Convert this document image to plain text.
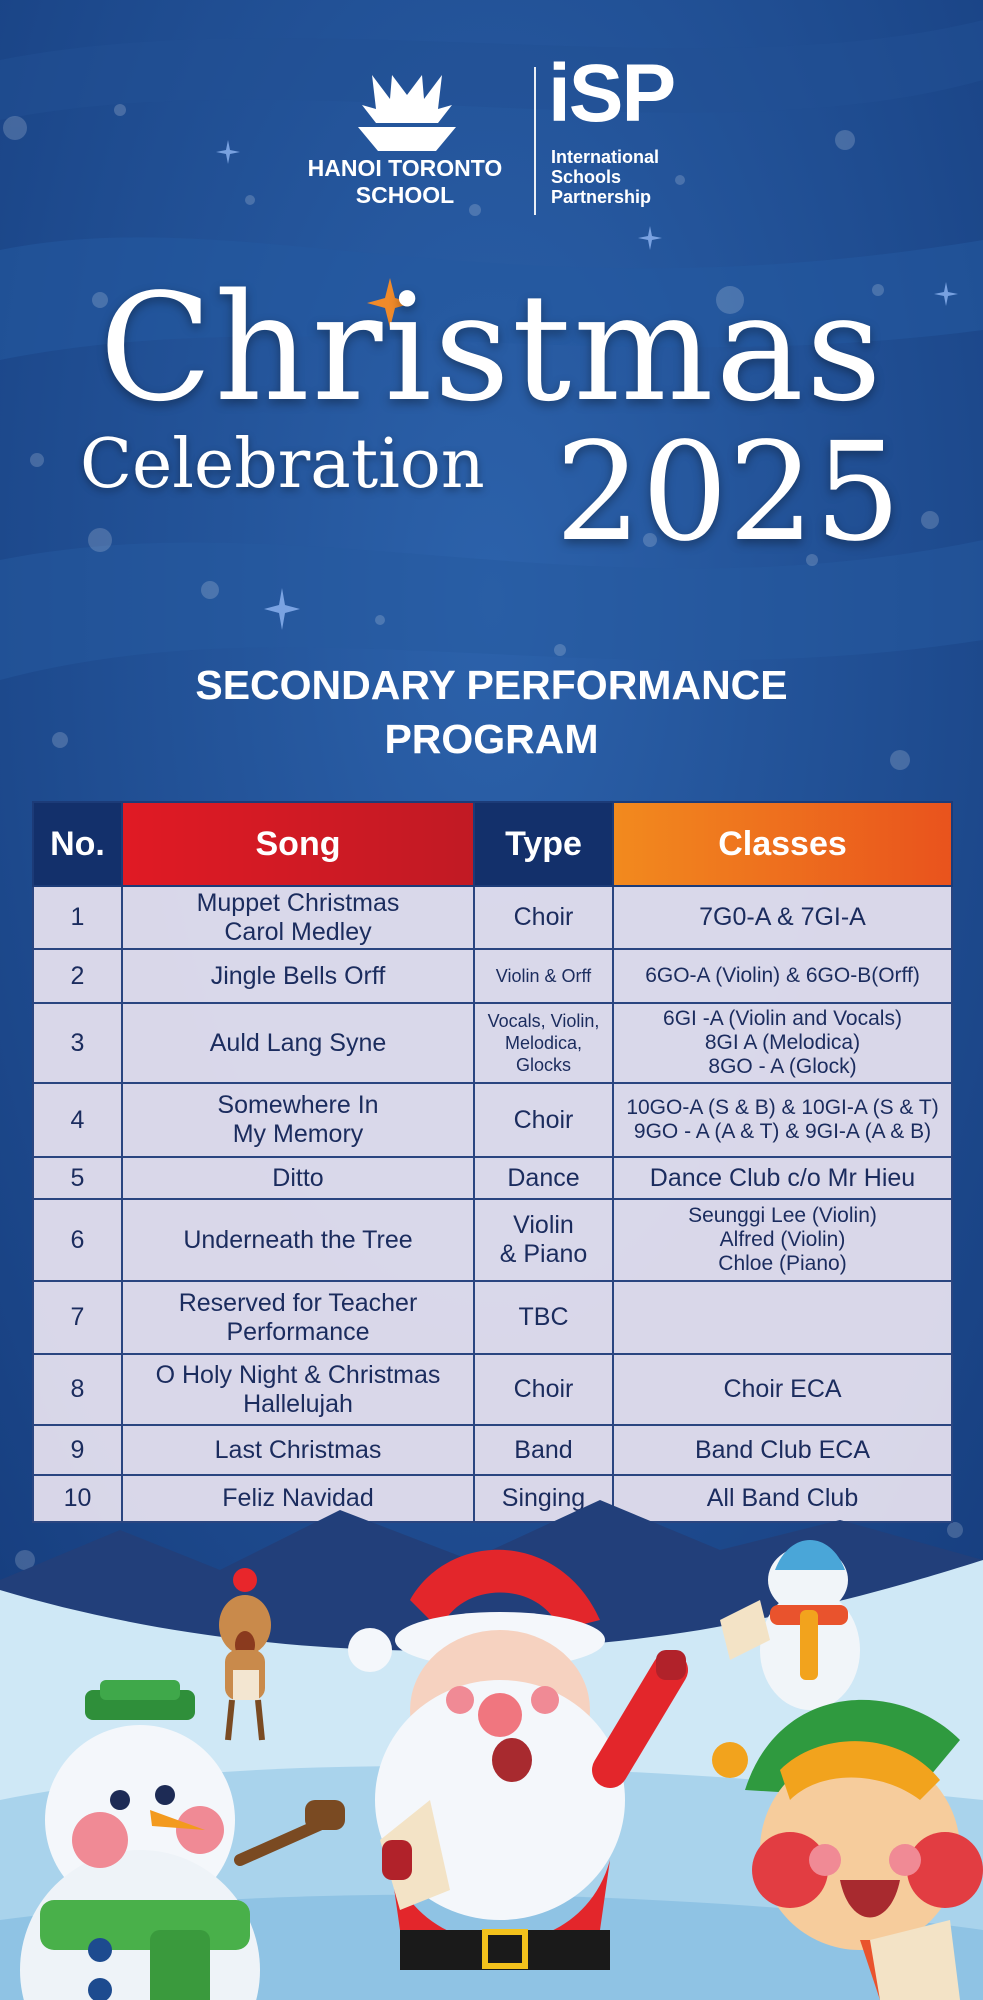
HANOI TORONTO
SCHOOL
iSP
International
Schools
Partnership
Christmas
Celebration 2025
SECONDARY PERFORMANCE
PROGRAM
No.	Song	Type	Classes
1	Muppet Christmas
Carol Medley	Choir	7G0-A & 7GI-A
2	Jingle Bells Orff	Violin & Orff	6GO-A (Violin) & 6GO-B(Orff)
3	Auld Lang Syne	Vocals, Violin,
Melodica,
Glocks	6GI -A (Violin and Vocals)
8GI A (Melodica)
8GO - A (Glock)
4	Somewhere In
My Memory	Choir	10GO-A (S & B) & 10GI-A (S & T)
9GO - A (A & T) & 9GI-A (A & B)
5	Ditto	Dance	Dance Club c/o Mr Hieu
6	Underneath the Tree	Violin
& Piano	Seunggi Lee (Violin)
Alfred (Violin)
Chloe (Piano)
7	Reserved for Teacher
Performance	TBC	
8	O Holy Night & Christmas
Hallelujah	Choir	Choir ECA
9	Last Christmas	Band	Band Club ECA
10	Feliz Navidad	Singing	All Band Club
